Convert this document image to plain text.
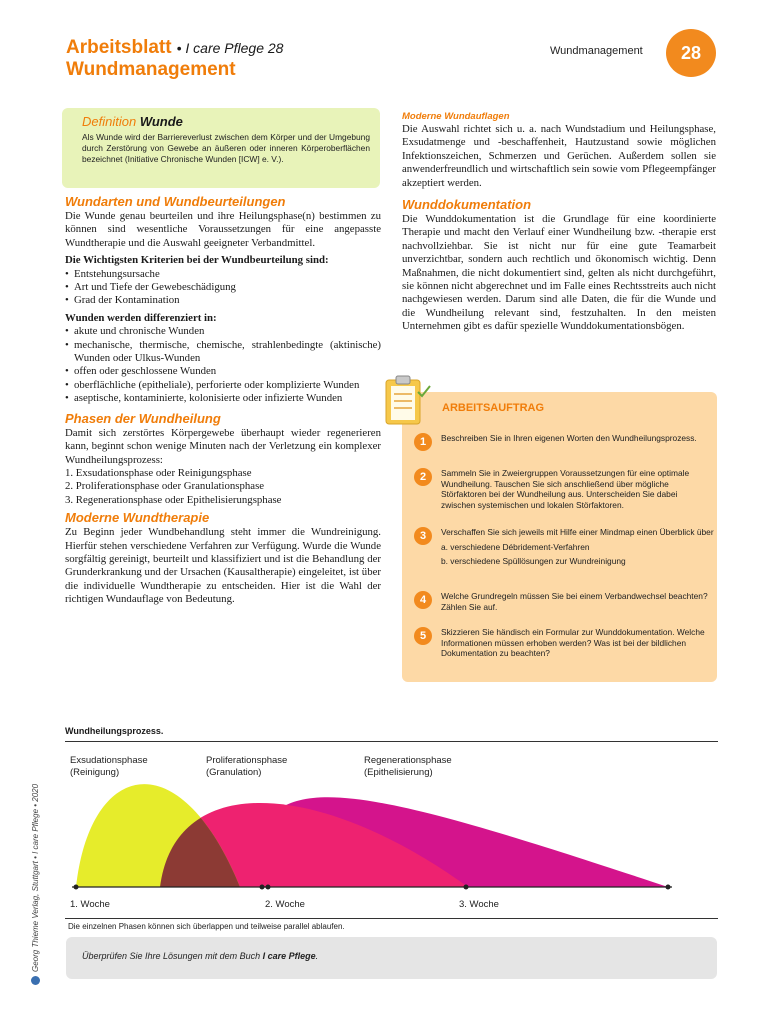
Arbeitsblatt • I care Pflege 28
Wundmanagement
Wundmanagement	28
Definition Wunde

Als Wunde wird der Barriereverlust zwischen dem Körper und der Umgebung durch Zerstörung von Gewebe an äußeren oder inneren Körperoberflächen bezeichnet (Initiative Chronische Wunden [ICW] e. V.).

Wundarten und Wundbeurteilungen

Die Wunde genau beurteilen und ihre Heilungsphase(n) bestimmen zu können sind wesentliche Voraussetzungen für eine angepasste Wundtherapie und die Auswahl geeigneter Verbandmittel.

Die Wichtigsten Kriterien bei der Wundbeurteilung sind:
• Entstehungsursache
• Art und Tiefe der Gewebeschädigung
• Grad der Kontamination
Wunden werden differenziert in:
• akute und chronische Wunden
• mechanische, thermische, chemische, strahlenbedingte (aktinische) Wunden oder Ulkus-Wunden
• offen oder geschlossene Wunden
• oberflächliche (epitheliale), perforierte oder komplizierte Wunden
• aseptische, kontaminierte, kolonisierte oder infizierte Wunden
Phasen der Wundheilung

Damit sich zerstörtes Körpergewebe überhaupt wieder regenerieren kann, beginnt schon wenige Minuten nach der Verletzung ein komplexer Wundheilungsprozess:

1. Exsudationsphase oder Reinigungsphase
2. Proliferationsphase oder Granulationsphase
3. Regenerationsphase oder Epithelisierungsphase
Moderne Wundtherapie

Zu Beginn jeder Wundbehandlung steht immer die Wundreinigung. Hierfür stehen verschiedene Verfahren zur Verfügung. Wurde die Wunde sorgfältig gereinigt, beurteilt und klassifiziert und ist die Behandlung der Grunderkrankung und der Ursachen (Kausaltherapie) eingeleitet, ist über die individuelle Wundtherapie zu entscheiden. Hier ist die Wahl der richtigen Wundauflage von Bedeutung.

Moderne Wundauflagen

Die Auswahl richtet sich u. a. nach Wundstadium und Heilungsphase, Exsudatmenge und -beschaffenheit, Hautzustand sowie möglichen Infektionszeichen, Schmerzen und Gerüchen. Außerdem sollen sie anwenderfreundlich und wirtschaftlich sein sowie vom Pflegeempfänger akzeptiert werden.

Wunddokumentation

Die Wunddokumentation ist die Grundlage für eine koordinierte Therapie und macht den Verlauf einer Wundheilung bzw. -therapie erst nachvollziehbar. Sie ist nicht nur für eine gute Teamarbeit unverzichtbar, sondern auch rechtlich und ökonomisch wichtig. Denn Maßnahmen, die nicht dokumentiert sind, gelten als nicht durchgeführt, sie können nicht abgerechnet und im Falle eines Rechtsstreits auch nicht nachgewiesen werden. Darum sind alle Daten, die für die Wunde und die Wundheilung relevant sind, festzuhalten. In den meisten Unternehmen gibt es dafür spezielle Wunddokumentationsbögen.

ARBEITSAUFTRAG
1	Beschreiben Sie in Ihren eigenen Worten den Wundheilungsprozess.
2	Sammeln Sie in Zweiergruppen Voraussetzungen für eine optimale Wundheilung. Tauschen Sie sich anschließend über mögliche Störfaktoren bei der Wundheilung aus. Unterscheiden Sie dabei zwischen systemischen und lokalen Störfaktoren.
3	Verschaffen Sie sich jeweils mit Hilfe einer Mindmap einen Überblick über
a. verschiedene Débridement-Verfahren
b. verschiedene Spüllösungen zur Wundreinigung
4	Welche Grundregeln müssen Sie bei einem Verbandwechsel beachten? Zählen Sie auf.
5	Skizzieren Sie händisch ein Formular zur Wunddokumentation. Welche Informationen müssen erhoben werden? Was ist bei der bildlichen Dokumentation zu beachten?
Wundheilungsprozess.
Exsudationsphase
(Reinigung)
Proliferationsphase
(Granulation)
Regenerationsphase
(Epithelisierung)
1. Woche	2. Woche	3. Woche
Die einzelnen Phasen können sich überlappen und teilweise parallel ablaufen.
Überprüfen Sie Ihre Lösungen mit dem Buch I care Pflege.
Georg Thieme Verlag, Stuttgart • I care Pflege • 2020
